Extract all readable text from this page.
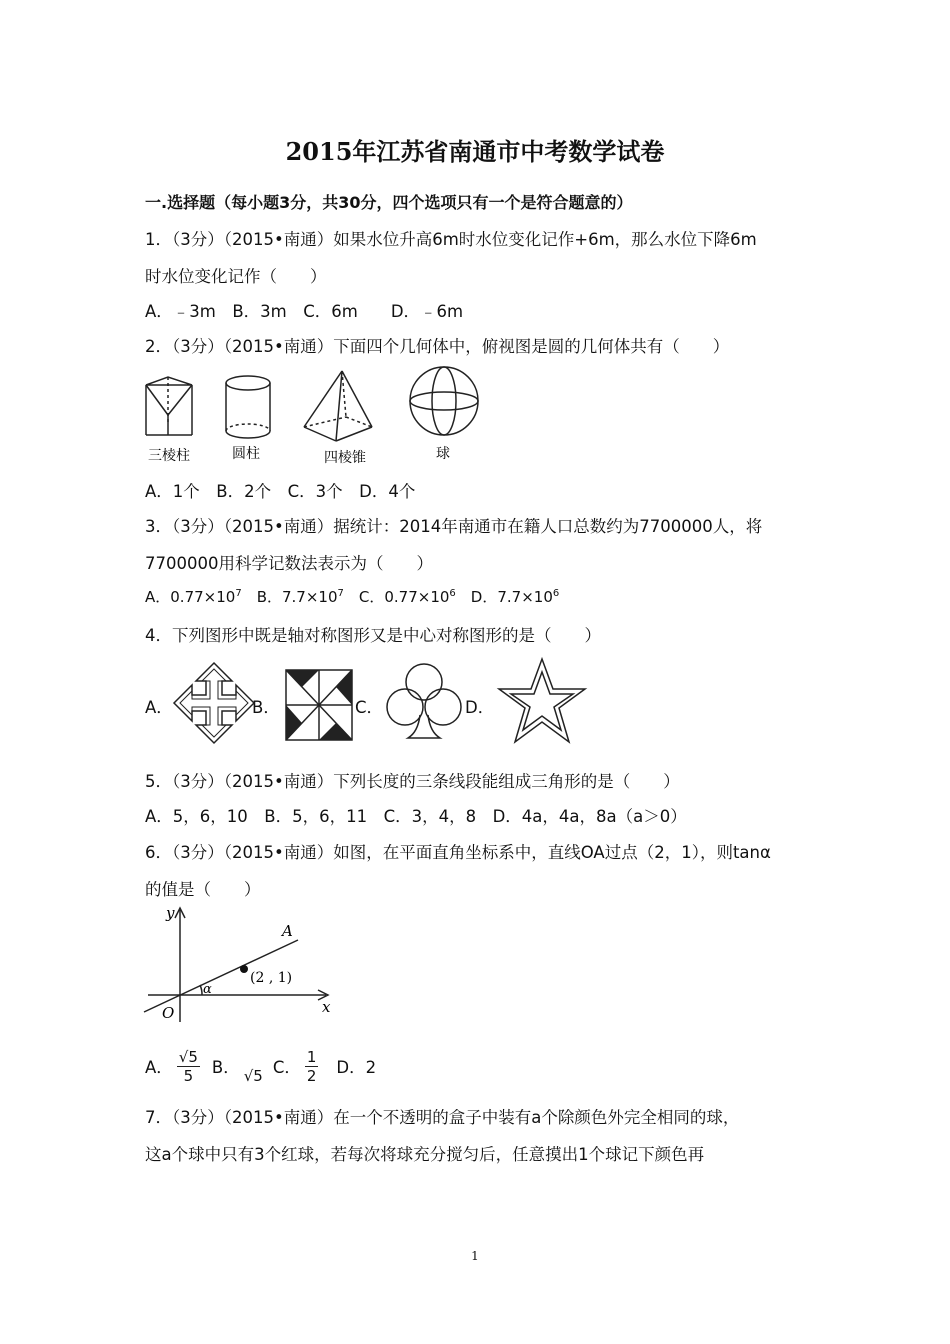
2015年江苏省南通市中考数学试卷
一.选择题（每小题3分，共30分，四个选项只有一个是符合题意的）
1．（3分）（2015•南通）如果水位升高6m时水位变化记作+6m，那么水位下降6m
时水位变化记作（　　）
A．﹣3m　B．3m　C．6m　　D．﹣6m
2．（3分）（2015•南通）下面四个几何体中，俯视图是圆的几何体共有（　　）
三棱柱	圆柱	四棱锥	球
A．1个　B．2个　C．3个　D．4个
3．（3分）（2015•南通）据统计：2014年南通市在籍人口总数约为7700000人，将
7700000用科学记数法表示为（　　）
A．$0.77\times 10^7$　B．$7.7\times 10^7$　C．$0.77\times 10^6$　D．$7.7\times 10^6$
4．下列图形中既是轴对称图形又是中心对称图形的是（　　）
A．	B．	C．	D．
5．（3分）（2015•南通）下列长度的三条线段能组成三角形的是（　　）
A．5，6，10　B．5，6，11　C．3，4，8　D．4a，4a，8a（a＞0）
6．（3分）（2015•南通）如图，在平面直角坐标系中，直线OA过点（2，1），则tanα
的值是（　　）
y
x
O
A
α
(2 , 1)
A． $\frac{√5}{5}$ B． √5 C． $\frac{1}{2}$ D．2
7．（3分）（2015•南通）在一个不透明的盒子中装有a个除颜色外完全相同的球，
这a个球中只有3个红球，若每次将球充分搅匀后，任意摸出1个球记下颜色再
1
